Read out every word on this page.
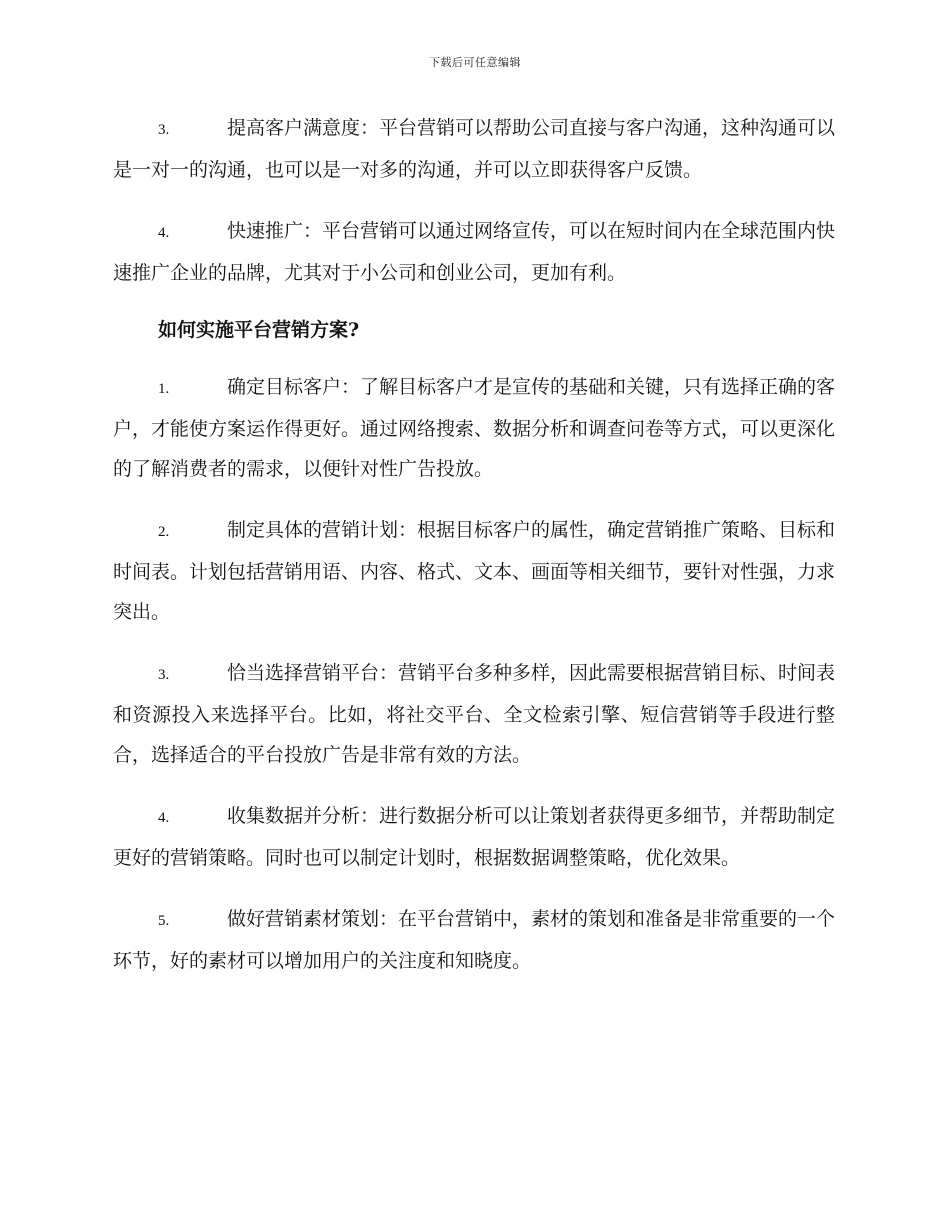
下载后可任意编辑

3.	提高客户满意度：平台营销可以帮助公司直接与客户沟通，这种沟通可以是一对一的沟通，也可以是一对多的沟通，并可以立即获得客户反馈。

4.	快速推广：平台营销可以通过网络宣传，可以在短时间内在全球范围内快速推广企业的品牌，尤其对于小公司和创业公司，更加有利。

如何实施平台营销方案?

1.	确定目标客户：了解目标客户才是宣传的基础和关键，只有选择正确的客户，才能使方案运作得更好。通过网络搜索、数据分析和调查问卷等方式，可以更深化的了解消费者的需求，以便针对性广告投放。

2.	制定具体的营销计划：根据目标客户的属性，确定营销推广策略、目标和时间表。计划包括营销用语、内容、格式、文本、画面等相关细节，要针对性强，力求突出。

3.	恰当选择营销平台：营销平台多种多样，因此需要根据营销目标、时间表和资源投入来选择平台。比如，将社交平台、全文检索引擎、短信营销等手段进行整合，选择适合的平台投放广告是非常有效的方法。

4.	收集数据并分析：进行数据分析可以让策划者获得更多细节，并帮助制定更好的营销策略。同时也可以制定计划时，根据数据调整策略，优化效果。

5.	做好营销素材策划：在平台营销中，素材的策划和准备是非常重要的一个环节，好的素材可以增加用户的关注度和知晓度。
